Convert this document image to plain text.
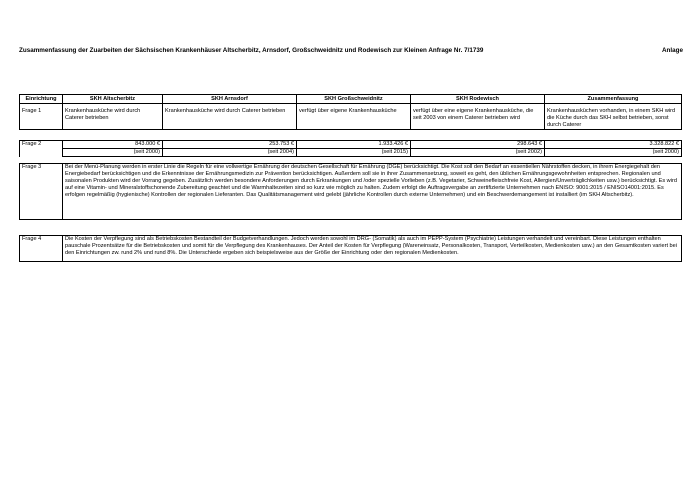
Zusammenfassung der Zuarbeiten der Sächsischen Krankenhäuser Altscherbitz, Arnsdorf, Großschweidnitz und Rodewisch zur Kleinen Anfrage Nr. 7/1739	Anlage
Einrichtung	SKH Altscherbitz	SKH Arnsdorf	SKH Großschweidnitz	SKH Rodewisch	Zusammenfassung
Frage 1	Krankenhausküche wird durch Caterer betrieben	Krankenhausküche wird durch Caterer betrieben	verfügt über eigene Krankenhausküche	verfügt über eine eigene Krankenhausküche, die seit 2003 von einem Caterer betrieben wird	Krankenhausküchen vorhanden, in einem SKH wird die Küche durch das SKH selbst betrieben, sonst durch Caterer
Frage 2	843.000 €	253.753 €	1.933.426 €	298.643 €	3.328.822 €
	(seit 2000)	(seit 2004)	(seit 2015)	(seit 2002)	(seit 2000)
Frage 3	Bei der Menü-Planung werden in erster Linie die Regeln für eine vollwertige Ernährung der deutschen Gesellschaft für Ernährung (DGE) berücksichtigt. Die Kost soll den Bedarf an essentiellen Nährstoffen decken, in ihrem Energiegehalt den Energiebedarf berücksichtigen und die Erkenntnisse der Ernährungsmedizin zur Prävention berücksichtigen. Außerdem soll sie in ihrer Zusammensetzung, soweit es geht, den üblichen Ernährungsgewohnheiten entsprechen. Regionalen und saisonalen Produkten wird der Vorrang gegeben. Zusätzlich werden besondere Anforderungen durch Erkrankungen und /oder spezielle Vorlieben (z.B. Vegetarier, Schweinefleischfreie Kost, Allergien/Unverträglichkeiten usw.) berücksichtigt. Es wird auf eine Vitamin- und Mineralstoffschonende Zubereitung geachtet und die Warmhaltezeiten sind so kurz wie möglich zu halten. Zudem erfolgt die Auftragsvergabe an zertifizierte Unternehmen nach ENISO: 9001:2015 / ENISO14001:2015. Es erfolgen regelmäßig (hygienische) Kontrollen der regionalen Lieferanten. Das Qualitätsmanagement wird gelebt (jährliche Kontrollen durch externe Unternehmen) und ein Beschwerdemangement ist installiert (im SKH Altscherbitz).
Frage 4	Die Kosten der Verpflegung sind als Betriebskosten Bestandteil der Budgetverhandlungen. Jedoch werden sowohl im DRG- (Somatik) als auch im PEPP-System (Psychiatrie) Leistungen verhandelt und vereinbart. Diese Leistungen enthalten pauschale Prozentsätze für die Betriebskosten und somit für die Verpflegung des Krankenhauses. Der Anteil der Kosten für Verpflegung (Wareneinsatz, Personalkosten, Transport, Verteilkosten, Medienkosten usw.) an den Gesamtkosten variert bei den Einrichtungen zw. rund 2% und rund 8%. Die Unterschiede ergeben sich beispielsweise aus der Größe der Einrichtung oder den regionalen Medienkosten.
